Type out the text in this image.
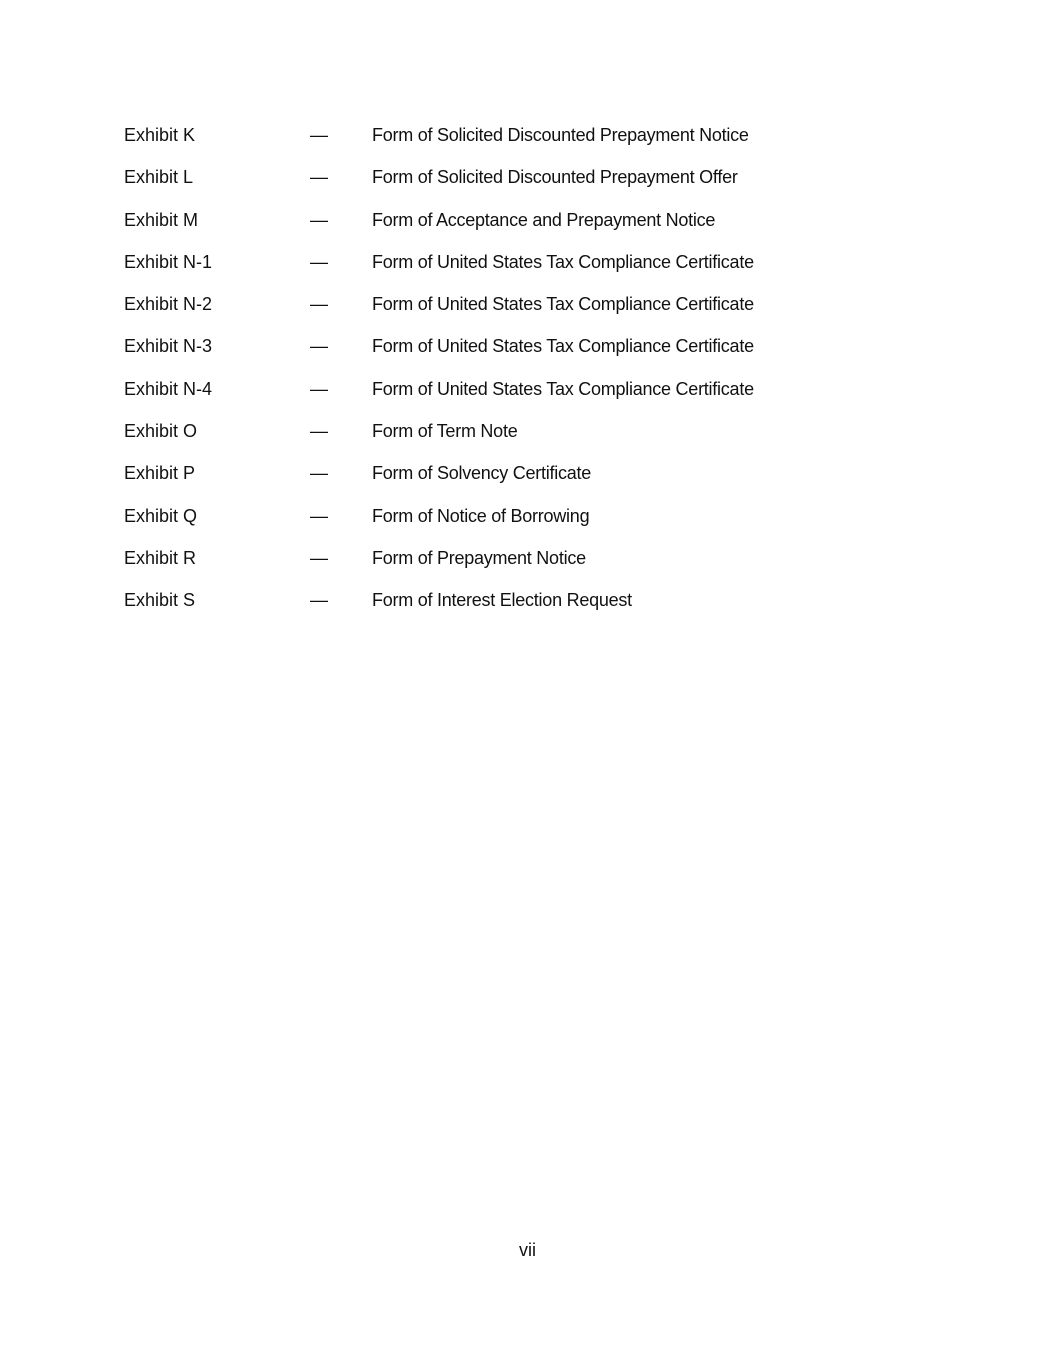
Exhibit K	— Form of Solicited Discounted Prepayment Notice
Exhibit L	— Form of Solicited Discounted Prepayment Offer
Exhibit M	— Form of Acceptance and Prepayment Notice
Exhibit N-1	— Form of United States Tax Compliance Certificate
Exhibit N-2	— Form of United States Tax Compliance Certificate
Exhibit N-3	— Form of United States Tax Compliance Certificate
Exhibit N-4	— Form of United States Tax Compliance Certificate
Exhibit O	— Form of Term Note
Exhibit P	— Form of Solvency Certificate
Exhibit Q	— Form of Notice of Borrowing
Exhibit R	— Form of Prepayment Notice
Exhibit S	— Form of Interest Election Request
vii
